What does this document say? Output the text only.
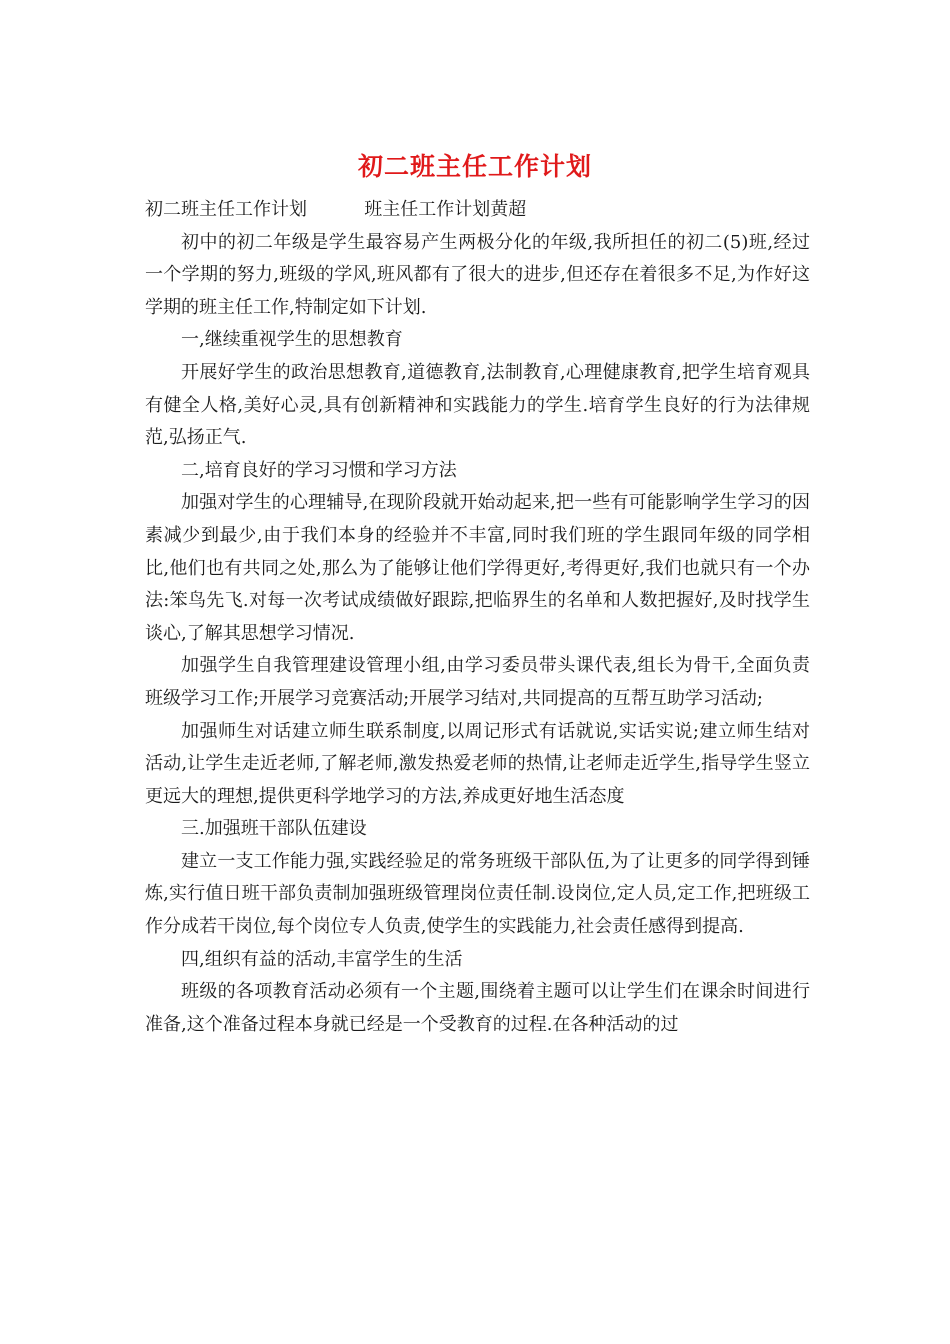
初二班主任工作计划

初二班主任工作计划	班主任工作计划黄超

初中的初二年级是学生最容易产生两极分化的年级,我所担任的初二(5)班,经过一个学期的努力,班级的学风,班风都有了很大的进步,但还存在着很多不足,为作好这学期的班主任工作,特制定如下计划.

一,继续重视学生的思想教育

开展好学生的政治思想教育,道德教育,法制教育,心理健康教育,把学生培育观具有健全人格,美好心灵,具有创新精神和实践能力的学生.培育学生良好的行为法律规范,弘扬正气.

二,培育良好的学习习惯和学习方法

加强对学生的心理辅导,在现阶段就开始动起来,把一些有可能影响学生学习的因素减少到最少,由于我们本身的经验并不丰富,同时我们班的学生跟同年级的同学相比,他们也有共同之处,那么为了能够让他们学得更好,考得更好,我们也就只有一个办法:笨鸟先飞.对每一次考试成绩做好跟踪,把临界生的名单和人数把握好,及时找学生谈心,了解其思想学习情况.

加强学生自我管理建设管理小组,由学习委员带头课代表,组长为骨干,全面负责班级学习工作;开展学习竞赛活动;开展学习结对,共同提高的互帮互助学习活动;

加强师生对话建立师生联系制度,以周记形式有话就说,实话实说;建立师生结对活动,让学生走近老师,了解老师,激发热爱老师的热情,让老师走近学生,指导学生竖立更远大的理想,提供更科学地学习的方法,养成更好地生活态度

三.加强班干部队伍建设

建立一支工作能力强,实践经验足的常务班级干部队伍,为了让更多的同学得到锤炼,实行值日班干部负责制加强班级管理岗位责任制.设岗位,定人员,定工作,把班级工作分成若干岗位,每个岗位专人负责,使学生的实践能力,社会责任感得到提高.

四,组织有益的活动,丰富学生的生活

班级的各项教育活动必须有一个主题,围绕着主题可以让学生们在课余时间进行准备,这个准备过程本身就已经是一个受教育的过程.在各种活动的过
